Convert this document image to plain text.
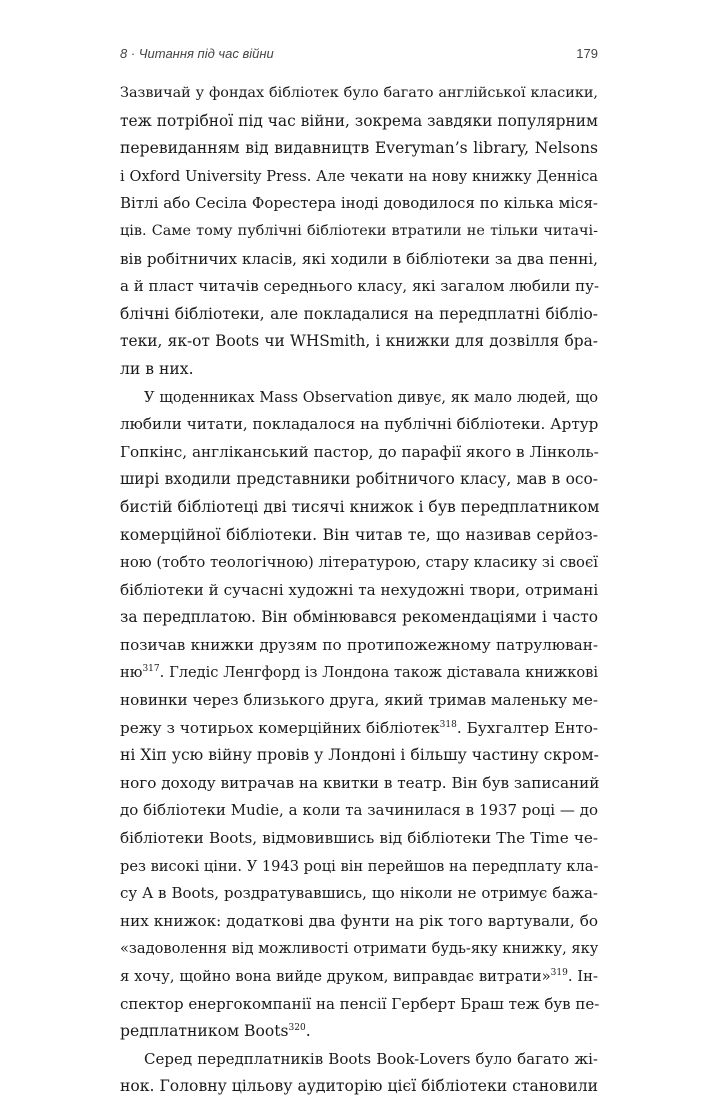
8 · Читання під час війни	179
Зазвичай у фондах бібліотек було багато англійської класики,
теж потрібної під час війни, зокрема завдяки популярним
перевиданням від видавництв Everyman’s library, Nelsons
і Oxford University Press. Але чекати на нову книжку Денніса
Вітлі або Сесіла Форестера іноді доводилося по кілька міся-
ців. Саме тому публічні бібліотеки втратили не тільки читачі-
вів робітничих класів, які ходили в бібліотеки за два пенні,
а й пласт читачів середнього класу, які загалом любили пу-
блічні бібліотеки, але покладалися на передплатні бібліо-
теки, як-от Boots чи WHSmith, і книжки для дозвілля бра-
ли в них.
У щоденниках Mass Observation дивує, як мало людей, що
любили читати, покладалося на публічні бібліотеки. Артур
Гопкінс, англіканський пастор, до парафії якого в Лінколь-
ширі входили представники робітничого класу, мав в осо-
бистій бібліотеці дві тисячі книжок і був передплатником
комерційної бібліотеки. Він читав те, що називав серйоз-
ною (тобто теологічною) літературою, стару класику зі своєї
бібліотеки й сучасні художні та нехудожні твори, отримані
за передплатою. Він обмінювався рекомендаціями і часто
позичав книжки друзям по протипожежному патрулюван-
$ню^{317}$. Гледіс Ленгфорд із Лондона також діставала книжкові
новинки через близького друга, який тримав маленьку ме-
режу з чотирьох комерційних бібліотек$^{318}$. Бухгалтер Енто-
ні Хіп усю війну провів у Лондоні і більшу частину скром-
ного доходу витрачав на квитки в театр. Він був записаний
до бібліотеки Mudie, а коли та зачинилася в 1937 році — до
бібліотеки Boots, відмовившись від бібліотеки The Time че-
рез високі ціни. У 1943 році він перейшов на передплату кла-
су A в Boots, роздратувавшись, що ніколи не отримує бажа-
них книжок: додаткові два фунти на рік того вартували, бо
«задоволення від можливості отримати будь-яку книжку, яку
я хочу, щойно вона вийде друком, виправдає витрати»$^{319}$. Ін-
спектор енергокомпанії на пенсії Герберт Браш теж був пе-
редплатником Boots$^{320}$.
Серед передплатників Boots Book-Lovers було багато жі-
нок. Головну цільову аудиторію цієї бібліотеки становили
